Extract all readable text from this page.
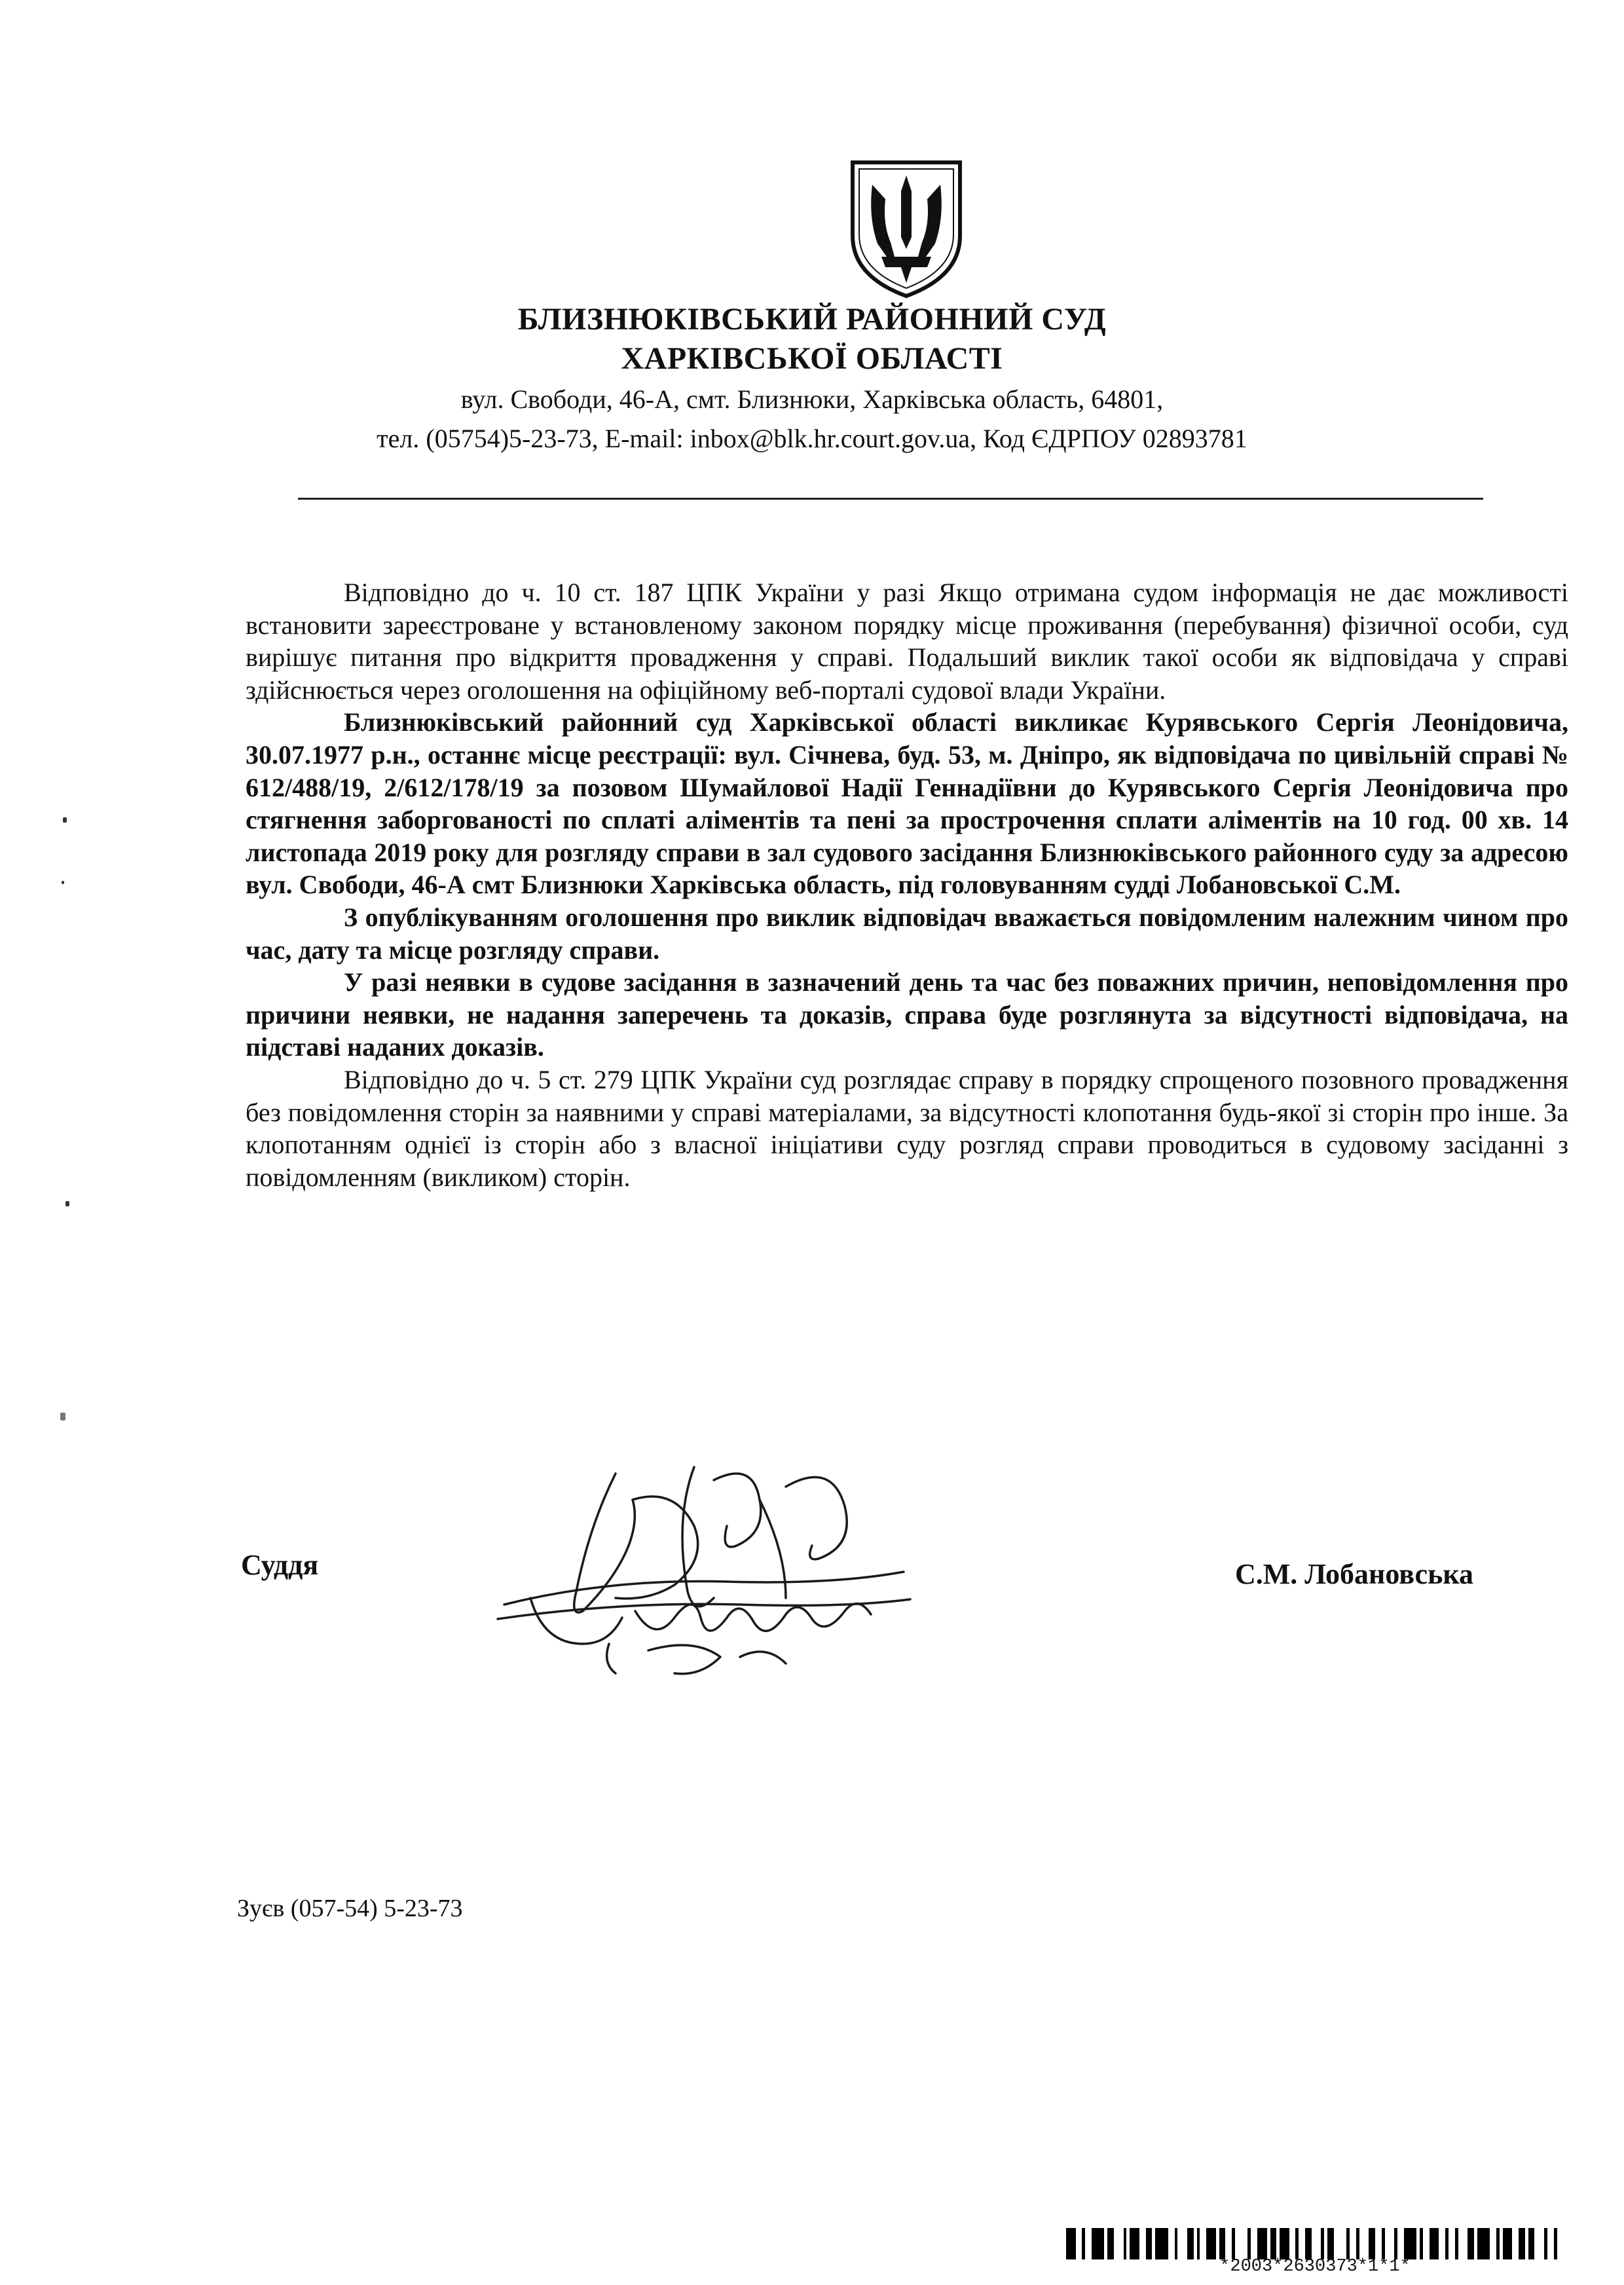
БЛИЗНЮКІВСЬКИЙ РАЙОННИЙ СУД
ХАРКІВСЬКОЇ ОБЛАСТІ
вул. Свободи, 46-А, смт. Близнюки, Харківська область, 64801,
тел. (05754)5-23-73, E-mail: inbox@blk.hr.court.gov.ua, Код ЄДРПОУ 02893781

Відповідно до ч. 10 ст. 187 ЦПК України у разі Якщо отримана судом інформація не дає можливості встановити зареєстроване у встановленому законом порядку місце проживання (перебування) фізичної особи, суд вирішує питання про відкриття провадження у справі. Подальший виклик такої особи як відповідача у справі здійснюється через оголошення на офіційному веб-порталі судової влади України.

Близнюківський районний суд Харківської області викликає Курявського Сергія Леонідовича, 30.07.1977 р.н., останнє місце реєстрації: вул. Січнева, буд. 53, м. Дніпро, як відповідача по цивільній справі № 612/488/19, 2/612/178/19 за позовом Шумайлової Надії Геннадіївни до Курявського Сергія Леонідовича про стягнення заборгованості по сплаті аліментів та пені за прострочення сплати аліментів на 10 год. 00 хв. 14 листопада 2019 року для розгляду справи в зал судового засідання Близнюківського районного суду за адресою вул. Свободи, 46-А смт Близнюки Харківська область, під головуванням судді Лобановської С.М.

З опублікуванням оголошення про виклик відповідач вважається повідомленим належним чином про час, дату та місце розгляду справи.

У разі неявки в судове засідання в зазначений день та час без поважних причин, неповідомлення про причини неявки, не надання заперечень та доказів, справа буде розглянута за відсутності відповідача, на підставі наданих доказів.

Відповідно до ч. 5 ст. 279 ЦПК України суд розглядає справу в порядку спрощеного позовного провадження без повідомлення сторін за наявними у справі матеріалами, за відсутності клопотання будь-якої зі сторін про інше. За клопотанням однієї із сторін або з власної ініціативи суду розгляд справи проводиться в судовому засіданні з повідомленням (викликом) сторін.

Суддя	С.М. Лобановська
Зуєв (057-54) 5-23-73
*2003*2630373*1*1*
